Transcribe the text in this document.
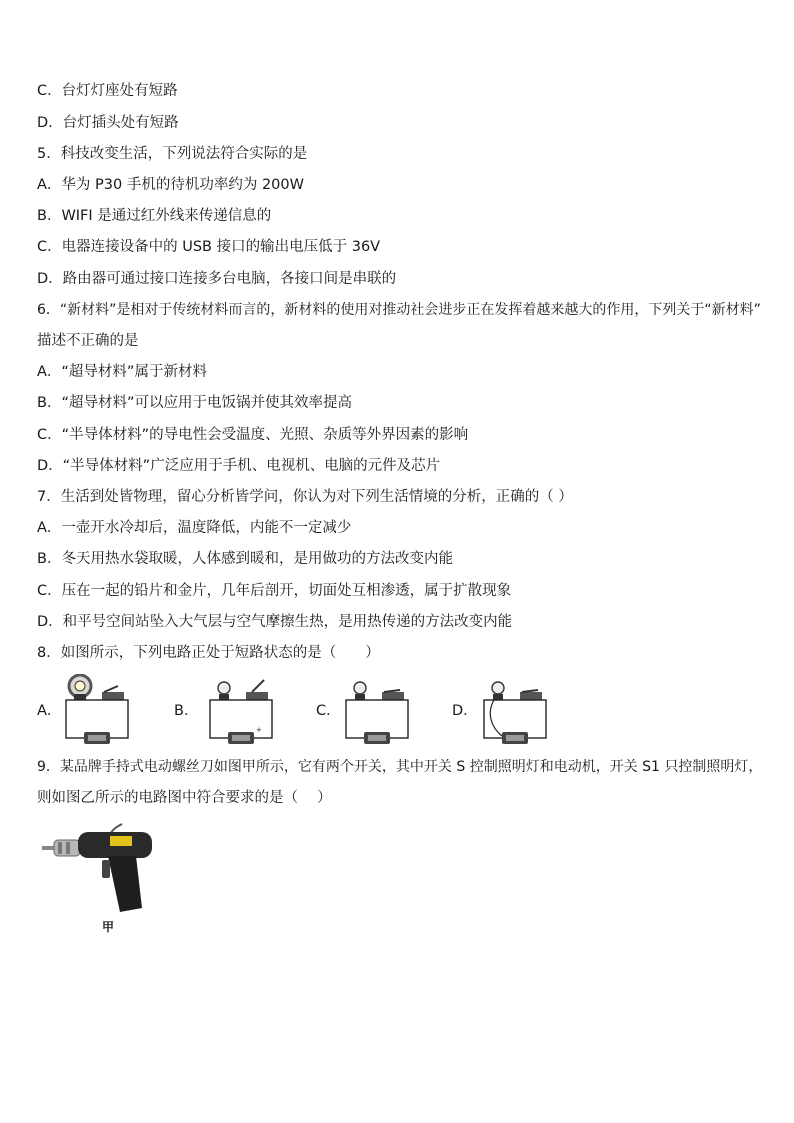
C．台灯灯座处有短路
D．台灯插头处有短路
5．科技改变生活，下列说法符合实际的是
A．华为 P30 手机的待机功率约为 200W
B．WIFI 是通过红外线来传递信息的
C．电器连接设备中的 USB 接口的输出电压低于 36V
D．路由器可通过接口连接多台电脑，各接口间是串联的
6．“新材料”是相对于传统材料而言的，新材料的使用对推动社会进步正在发挥着越来越大的作用，下列关于“新材料”
描述不正确的是
A．“超导材料”属于新材料
B．“超导材料”可以应用于电饭锅并使其效率提高
C．“半导体材料”的导电性会受温度、光照、杂质等外界因素的影响
D．“半导体材料”广泛应用于手机、电视机、电脑的元件及芯片
7．生活到处皆物理，留心分析皆学问，你认为对下列生活情境的分析，正确的（ ）
A．一壶开水冷却后，温度降低，内能不一定减少
B．冬天用热水袋取暖，人体感到暖和，是用做功的方法改变内能
C．压在一起的铅片和金片，几年后剖开，切面处互相渗透，属于扩散现象
D．和平号空间站坠入大气层与空气摩擦生热，是用热传递的方法改变内能
8．如图所示，下列电路正处于短路状态的是（　　）
A．	B．
+
C．	D．
9．某品牌手持式电动螺丝刀如图甲所示，它有两个开关，其中开关 S 控制照明灯和电动机，开关 S1 只控制照明灯，
则如图乙所示的电路图中符合要求的是（　 ）
甲
